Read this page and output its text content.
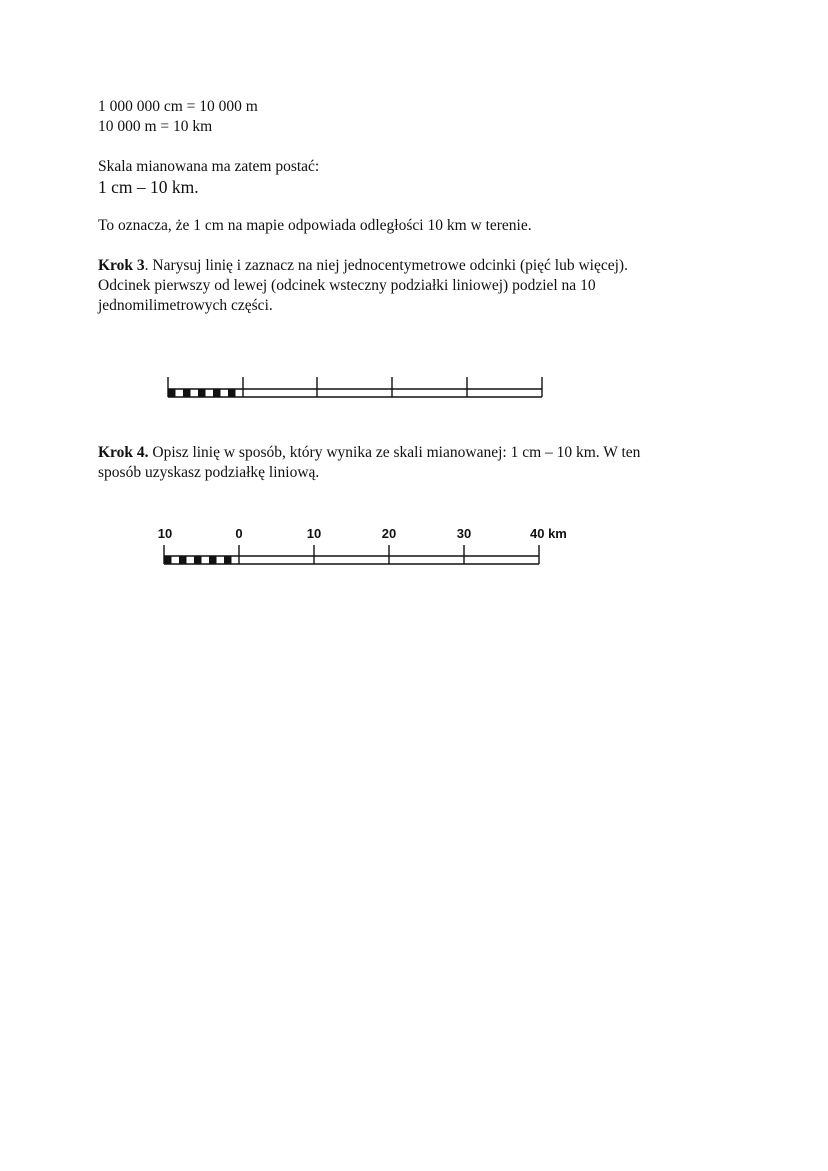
1 000 000 cm = 10 000 m
10 000 m = 10 km
Skala mianowana ma zatem postać:
1 cm – 10 km.
To oznacza, że 1 cm na mapie odpowiada odległości 10 km w terenie.
Krok 3. Narysuj linię i zaznacz na niej jednocentymetrowe odcinki (pięć lub więcej).
Odcinek pierwszy od lewej (odcinek wsteczny podziałki liniowej) podziel na 10
jednomilimetrowych części.
Krok 4. Opisz linię w sposób, który wynika ze skali mianowanej: 1 cm – 10 km. W ten
sposób uzyskasz podziałkę liniową.
10	0	10	20	30	40 km
